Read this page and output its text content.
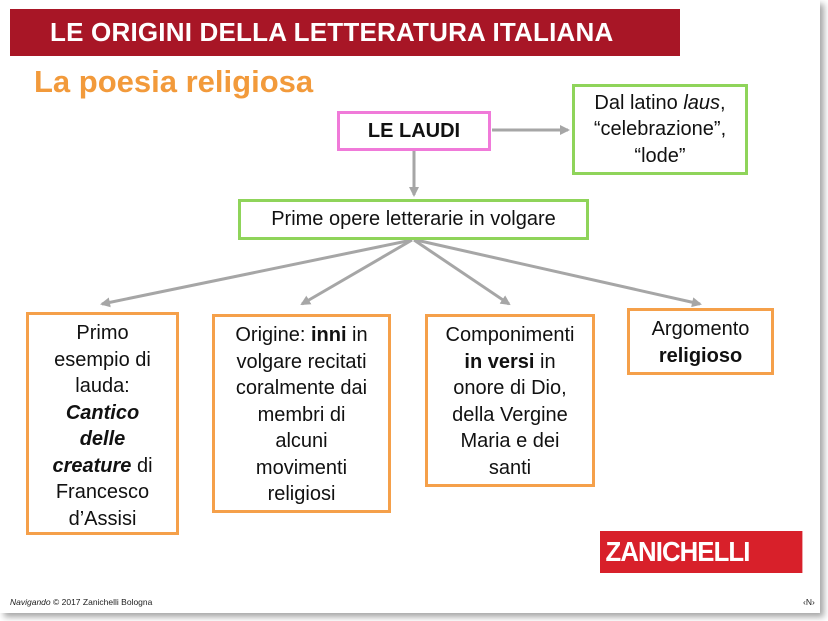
LE ORIGINI DELLA LETTERATURA ITALIANA
La poesia religiosa
LE LAUDI
Dal latino laus,
“celebrazione”,
“lode”
Prime opere letterarie in volgare
Primo
esempio di
lauda:
Cantico
delle
creature di
Francesco
d’Assisi
Origine: inni in
volgare recitati
coralmente dai
membri di
alcuni
movimenti
religiosi
Componimenti
in versi in
onore di Dio,
della Vergine
Maria e dei
santi
Argomento
religioso
ZANICHELLI
Navigando © 2017 Zanichelli Bologna	‹N›
